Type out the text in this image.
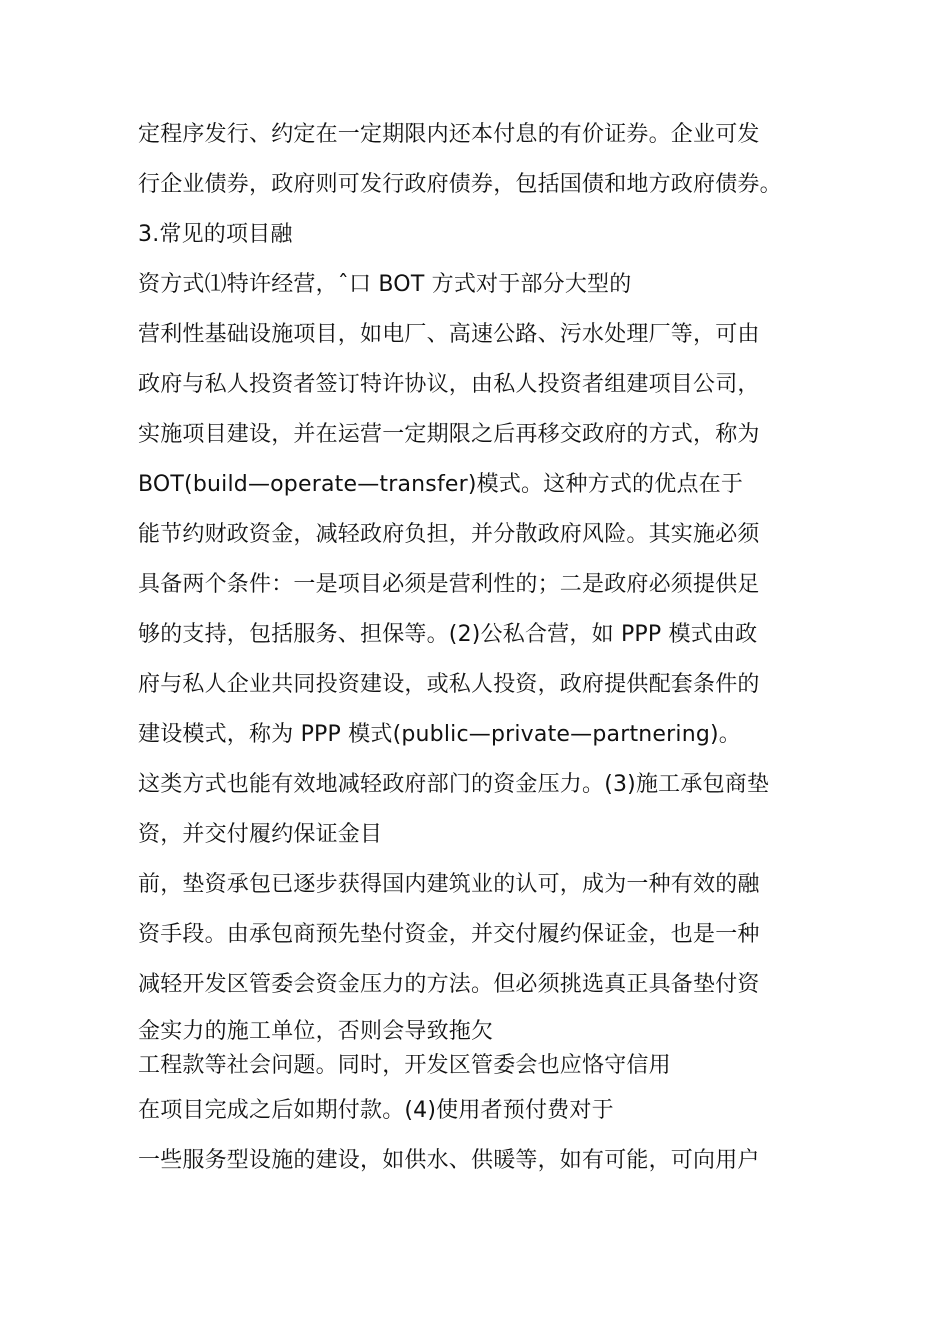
定程序发行、约定在一定期限内还本付息的有价证券。企业可发
行企业债券，政府则可发行政府债券，包括国债和地方政府债券。
3.常见的项目融
资方式⑴特许经营，ˆ口 BOT 方式对于部分大型的
营利性基础设施项目，如电厂、高速公路、污水处理厂等，可由
政府与私人投资者签订特许协议，由私人投资者组建项目公司，
实施项目建设，并在运营一定期限之后再移交政府的方式，称为
BOT(build—operate—transfer)模式。这种方式的优点在于
能节约财政资金，减轻政府负担，并分散政府风险。其实施必须
具备两个条件：一是项目必须是营利性的；二是政府必须提供足
够的支持，包括服务、担保等。(2)公私合营，如 PPP 模式由政
府与私人企业共同投资建设，或私人投资，政府提供配套条件的
建设模式，称为 PPP 模式(public—private—partnering)。
这类方式也能有效地减轻政府部门的资金压力。(3)施工承包商垫
资，并交付履约保证金目
前，垫资承包已逐步获得国内建筑业的认可，成为一种有效的融
资手段。由承包商预先垫付资金，并交付履约保证金，也是一种
减轻开发区管委会资金压力的方法。但必须挑选真正具备垫付资
金实力的施工单位，否则会导致拖欠
工程款等社会问题。同时，开发区管委会也应恪守信用
在项目完成之后如期付款。(4)使用者预付费对于
一些服务型设施的建设，如供水、供暖等，如有可能，可向用户
